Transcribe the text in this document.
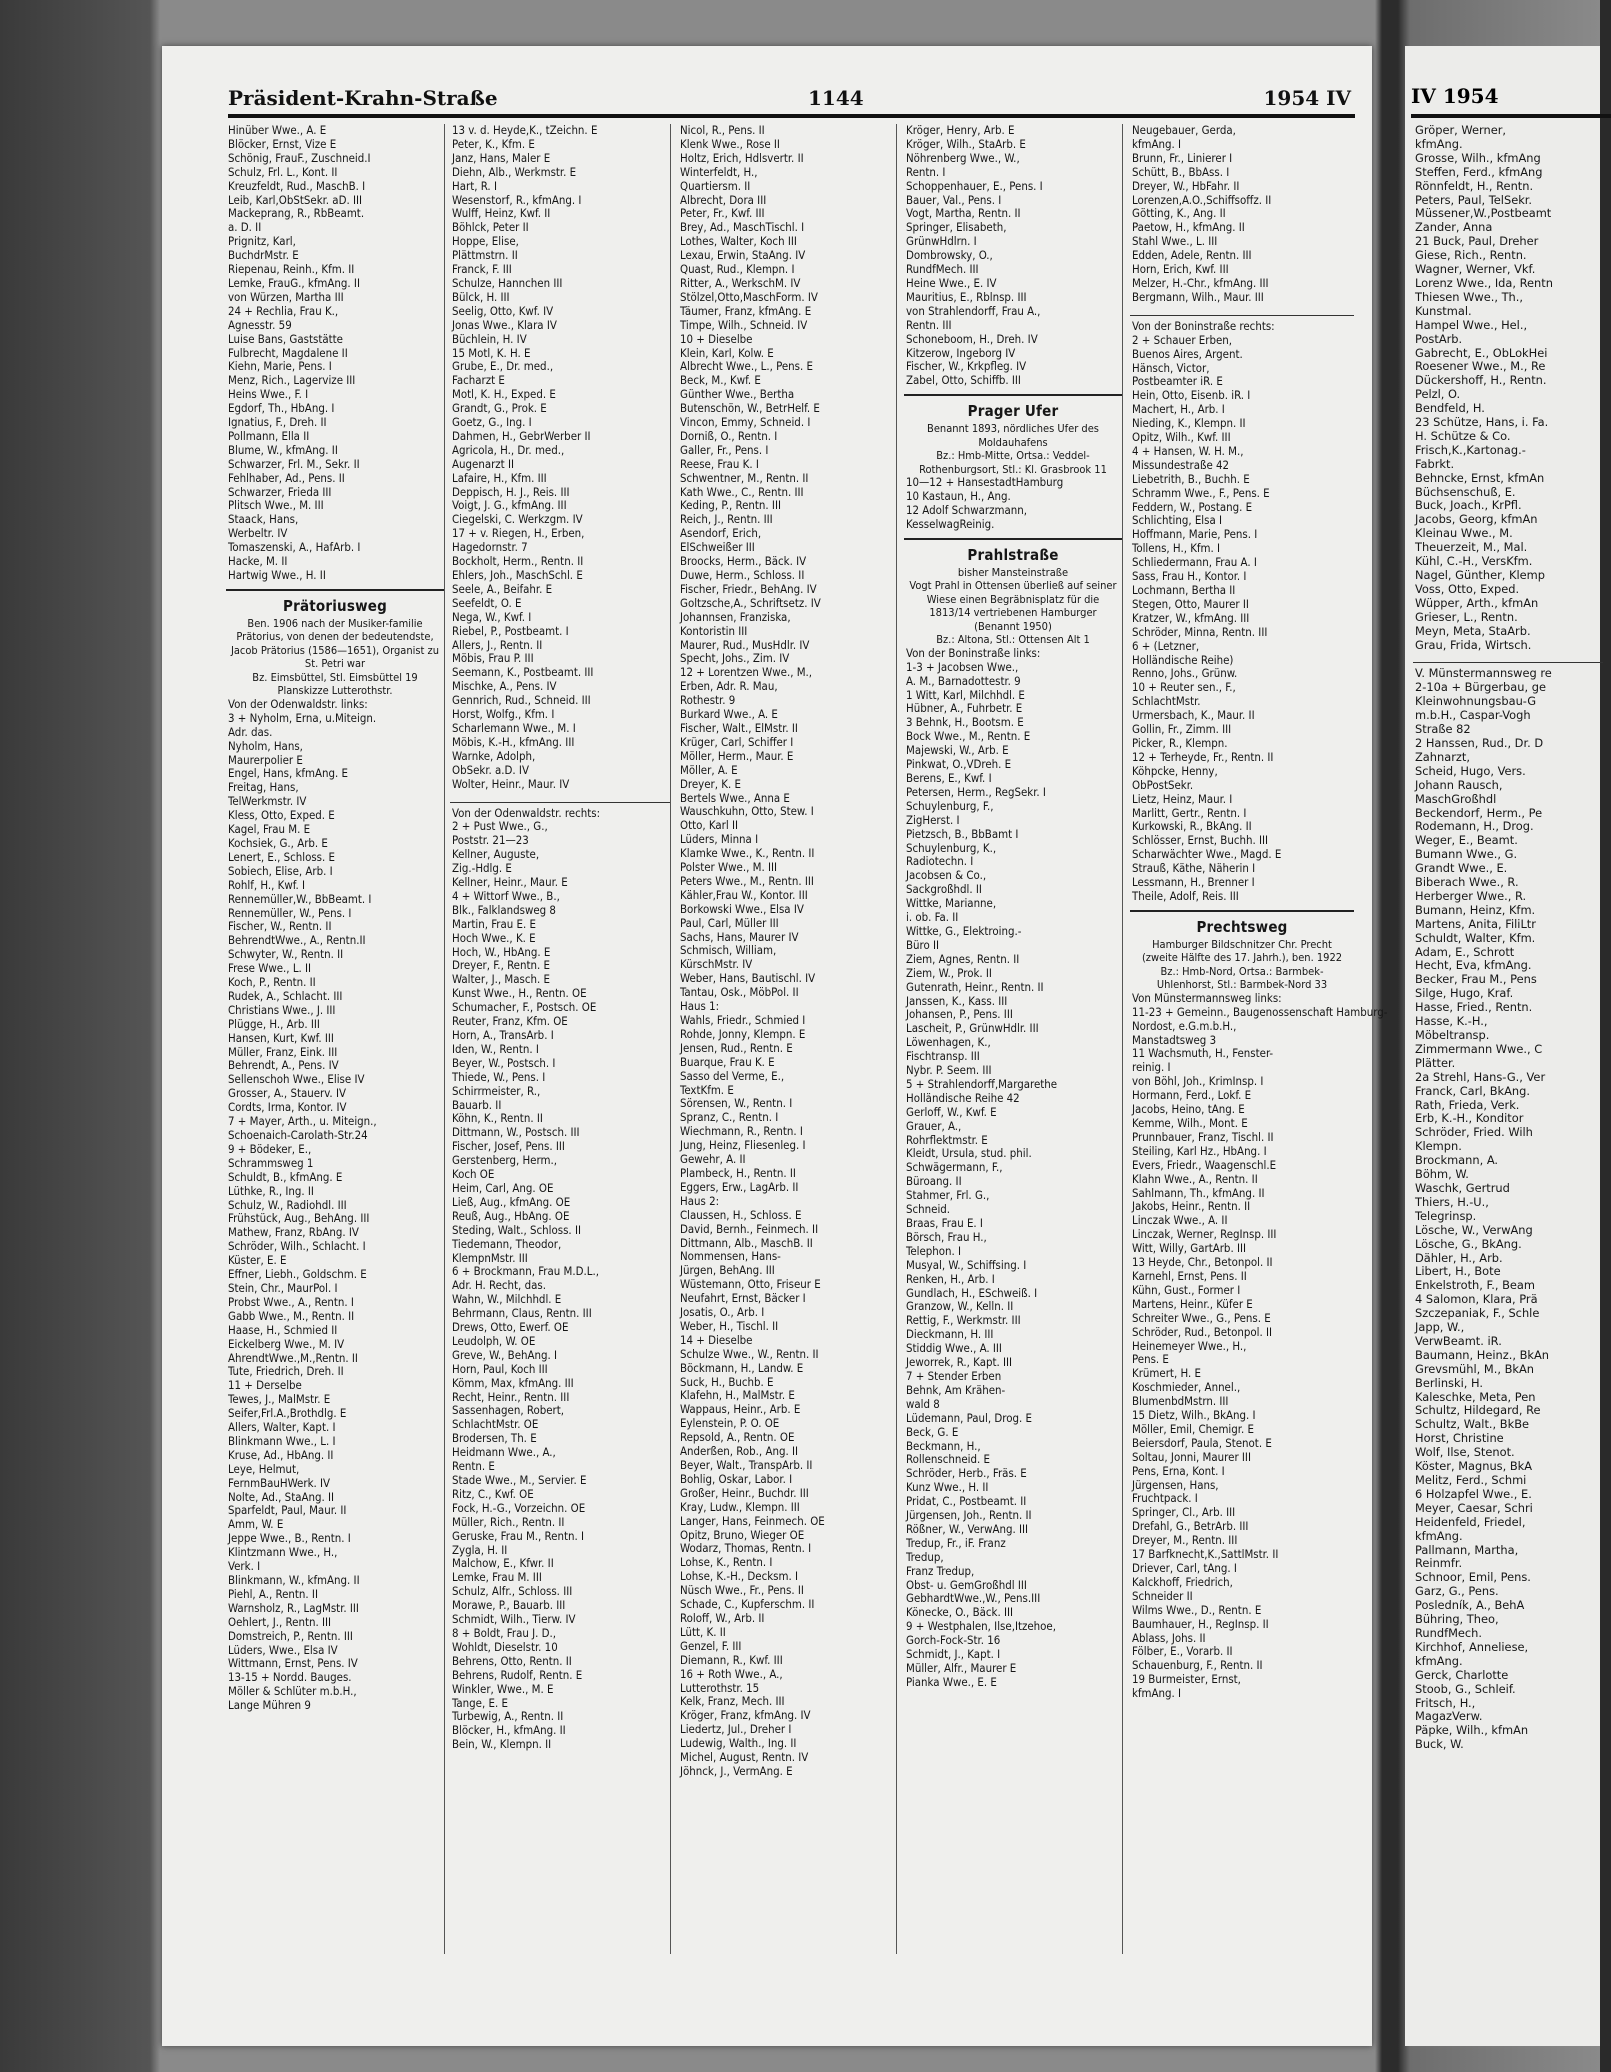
Präsident-Krahn-Straße	1144	1954 IV
Hinüber Wwe., A. E
Blöcker, Ernst, Vize E
Schönig, FrauF., Zuschneid.I
Schulz, Frl. L., Kont. II
Kreuzfeldt, Rud., MaschB. I
Leib, Karl,ObStSekr. aD. III
Mackeprang, R., RbBeamt.
a. D. II
Prignitz, Karl,
BuchdrMstr. E
Riepenau, Reinh., Kfm. II
Lemke, FrauG., kfmAng. II
von Würzen, Martha III
24 + Rechlia, Frau K.,
Agnesstr. 59
Luise Bans, Gaststätte
Fulbrecht, Magdalene II
Kiehn, Marie, Pens. I
Menz, Rich., Lagervize III
Heins Wwe., F. I
Egdorf, Th., HbAng. I
Ignatius, F., Dreh. II
Pollmann, Ella II
Blume, W., kfmAng. II
Schwarzer, Frl. M., Sekr. II
Fehlhaber, Ad., Pens. II
Schwarzer, Frieda III
Plitsch Wwe., M. III
Staack, Hans,
Werbeltr. IV
Tomaszenski, A., HafArb. I
Hacke, M. II
Hartwig Wwe., H. II
Prätoriusweg
Ben. 1906 nach der Musiker-familie Prätorius, von denen der bedeutendste, Jacob Prätorius (1586—1651), Organist zu St. Petri war
Bz. Eimsbüttel, Stl. Eimsbüttel 19
Planskizze Lutterothstr.
Von der Odenwaldstr. links:
3 + Nyholm, Erna, u.Miteign.
Adr. das.
Nyholm, Hans,
Maurerpolier E
Engel, Hans, kfmAng. E
Freitag, Hans,
TelWerkmstr. IV
Kless, Otto, Exped. E
Kagel, Frau M. E
Kochsiek, G., Arb. E
Lenert, E., Schloss. E
Sobiech, Elise, Arb. I
Rohlf, H., Kwf. I
Rennemüller,W., BbBeamt. I
Rennemüller, W., Pens. I
Fischer, W., Rentn. II
BehrendtWwe., A., Rentn.II
Schwyter, W., Rentn. II
Frese Wwe., L. II
Koch, P., Rentn. II
Rudek, A., Schlacht. III
Christians Wwe., J. III
Plügge, H., Arb. III
Hansen, Kurt, Kwf. III
Müller, Franz, Eink. III
Behrendt, A., Pens. IV
Sellenschoh Wwe., Elise IV
Grosser, A., Stauerv. IV
Cordts, Irma, Kontor. IV
7 + Mayer, Arth., u. Miteign.,
Schoenaich-Carolath-Str.24
9 + Bödeker, E.,
Schrammsweg 1
Schuldt, B., kfmAng. E
Lüthke, R., Ing. II
Schulz, W., Radiohdl. III
Frühstück, Aug., BehAng. III
Mathew, Franz, RbAng. IV
Schröder, Wilh., Schlacht. I
Küster, E. E
Effner, Liebh., Goldschm. E
Stein, Chr., MaurPol. I
Probst Wwe., A., Rentn. I
Gabb Wwe., M., Rentn. II
Haase, H., Schmied II
Eickelberg Wwe., M. IV
AhrendtWwe.,M.,Rentn. II
Tute, Friedrich, Dreh. II
11 + Derselbe
Tewes, J., MalMstr. E
Seifer,Frl.A.,Brothdlg. E
Allers, Walter, Kapt. I
Blinkmann Wwe., L. I
Kruse, Ad., HbAng. II
Leye, Helmut,
FernmBauHWerk. IV
Nolte, Ad., StaAng. II
Sparfeldt, Paul, Maur. II
Amm, W. E
Jeppe Wwe., B., Rentn. I
Klintzmann Wwe., H.,
Verk. I
Blinkmann, W., kfmAng. II
Piehl, A., Rentn. II
Warnsholz, R., LagMstr. III
Oehlert, J., Rentn. III
Domstreich, P., Rentn. III
Lüders, Wwe., Elsa IV
Wittmann, Ernst, Pens. IV
13-15 + Nordd. Bauges.
Möller & Schlüter m.b.H.,
Lange Mühren 9
13 v. d. Heyde,K., tZeichn. E
Peter, K., Kfm. E
Janz, Hans, Maler E
Diehn, Alb., Werkmstr. E
Hart, R. I
Wesenstorf, R., kfmAng. I
Wulff, Heinz, Kwf. II
Böhlck, Peter II
Hoppe, Elise,
Plättmstrn. II
Franck, F. III
Schulze, Hannchen III
Bülck, H. III
Seelig, Otto, Kwf. IV
Jonas Wwe., Klara IV
Büchlein, H. IV
15 Motl, K. H. E
Grube, E., Dr. med.,
Facharzt E
Motl, K. H., Exped. E
Grandt, G., Prok. E
Goetz, G., Ing. I
Dahmen, H., GebrWerber II
Agricola, H., Dr. med.,
Augenarzt II
Lafaire, H., Kfm. III
Deppisch, H. J., Reis. III
Voigt, J. G., kfmAng. III
Ciegelski, C. Werkzgm. IV
17 + v. Riegen, H., Erben,
Hagedornstr. 7
Bockholt, Herm., Rentn. II
Ehlers, Joh., MaschSchl. E
Seele, A., Beifahr. E
Seefeldt, O. E
Nega, W., Kwf. I
Riebel, P., Postbeamt. I
Allers, J., Rentn. II
Möbis, Frau P. III
Seemann, K., Postbeamt. III
Mischke, A., Pens. IV
Gennrich, Rud., Schneid. III
Horst, Wolfg., Kfm. I
Scharlemann Wwe., M. I
Möbis, K.-H., kfmAng. III
Warnke, Adolph,
ObSekr. a.D. IV
Wolter, Heinr., Maur. IV
Von der Odenwaldstr. rechts:
2 + Pust Wwe., G.,
Poststr. 21—23
Kellner, Auguste,
Zig.-Hdlg. E
Kellner, Heinr., Maur. E
4 + Wittorf Wwe., B.,
Blk., Falklandsweg 8
Martin, Frau E. E
Hoch Wwe., K. E
Hoch, W., HbAng. E
Dreyer, F., Rentn. E
Walter, J., Masch. E
Kunst Wwe., H., Rentn. OE
Schumacher, F., Postsch. OE
Reuter, Franz, Kfm. OE
Horn, A., TransArb. I
Iden, W., Rentn. I
Beyer, W., Postsch. I
Thiede, W., Pens. I
Schirrmeister, R.,
Bauarb. II
Köhn, K., Rentn. II
Dittmann, W., Postsch. III
Fischer, Josef, Pens. III
Gerstenberg, Herm.,
Koch OE
Heim, Carl, Ang. OE
Ließ, Aug., kfmAng. OE
Reuß, Aug., HbAng. OE
Steding, Walt., Schloss. II
Tiedemann, Theodor,
KlempnMstr. III
6 + Brockmann, Frau M.D.L.,
Adr. H. Recht, das.
Wahn, W., Milchhdl. E
Behrmann, Claus, Rentn. III
Drews, Otto, Ewerf. OE
Leudolph, W. OE
Greve, W., BehAng. I
Horn, Paul, Koch III
Kömm, Max, kfmAng. III
Recht, Heinr., Rentn. III
Sassenhagen, Robert,
SchlachtMstr. OE
Brodersen, Th. E
Heidmann Wwe., A.,
Rentn. E
Stade Wwe., M., Servier. E
Ritz, C., Kwf. OE
Fock, H.-G., Vorzeichn. OE
Müller, Rich., Rentn. II
Geruske, Frau M., Rentn. I
Zygla, H. II
Malchow, E., Kfwr. II
Lemke, Frau M. III
Schulz, Alfr., Schloss. III
Morawe, P., Bauarb. III
Schmidt, Wilh., Tierw. IV
8 + Boldt, Frau J. D.,
Wohldt, Dieselstr. 10
Behrens, Otto, Rentn. II
Behrens, Rudolf, Rentn. E
Winkler, Wwe., M. E
Tange, E. E
Turbewig, A., Rentn. II
Blöcker, H., kfmAng. II
Bein, W., Klempn. II
Nicol, R., Pens. II
Klenk Wwe., Rose II
Holtz, Erich, Hdlsvertr. II
Winterfeldt, H.,
Quartiersm. II
Albrecht, Dora III
Peter, Fr., Kwf. III
Brey, Ad., MaschTischl. I
Lothes, Walter, Koch III
Lexau, Erwin, StaAng. IV
Quast, Rud., Klempn. I
Ritter, A., WerkschM. IV
Stölzel,Otto,MaschForm. IV
Täumer, Franz, kfmAng. E
Timpe, Wilh., Schneid. IV
10 + Dieselbe
Klein, Karl, Kolw. E
Albrecht Wwe., L., Pens. E
Beck, M., Kwf. E
Günther Wwe., Bertha
Butenschön, W., BetrHelf. E
Vincon, Emmy, Schneid. I
Dorniß, O., Rentn. I
Galler, Fr., Pens. I
Reese, Frau K. I
Schwentner, M., Rentn. II
Kath Wwe., C., Rentn. III
Keding, P., Rentn. III
Reich, J., Rentn. III
Asendorf, Erich,
ElSchweißer III
Broocks, Herm., Bäck. IV
Duwe, Herm., Schloss. II
Fischer, Friedr., BehAng. IV
Goltzsche,A., Schriftsetz. IV
Johannsen, Franziska,
Kontoristin III
Maurer, Rud., MusHdlr. IV
Specht, Johs., Zim. IV
12 + Lorentzen Wwe., M.,
Erben, Adr. R. Mau,
Rothestr. 9
Burkard Wwe., A. E
Fischer, Walt., ElMstr. II
Krüger, Carl, Schiffer I
Möller, Herm., Maur. E
Möller, A. E
Dreyer, K. E
Bertels Wwe., Anna E
Wauschkuhn, Otto, Stew. I
Otto, Karl II
Lüders, Minna I
Klamke Wwe., K., Rentn. II
Polster Wwe., M. III
Peters Wwe., M., Rentn. III
Kähler,Frau W., Kontor. III
Borkowski Wwe., Elsa IV
Paul, Carl, Müller III
Sachs, Hans, Maurer IV
Schmisch, William,
KürschMstr. IV
Weber, Hans, Bautischl. IV
Tantau, Osk., MöbPol. II
Haus 1:
Wahls, Friedr., Schmied I
Rohde, Jonny, Klempn. E
Jensen, Rud., Rentn. E
Buarque, Frau K. E
Sasso del Verme, E.,
TextKfm. E
Sörensen, W., Rentn. I
Spranz, C., Rentn. I
Wiechmann, R., Rentn. I
Jung, Heinz, Fliesenleg. I
Gewehr, A. II
Plambeck, H., Rentn. II
Eggers, Erw., LagArb. II
Haus 2:
Claussen, H., Schloss. E
David, Bernh., Feinmech. II
Dittmann, Alb., MaschB. II
Nommensen, Hans-
Jürgen, BehAng. III
Wüstemann, Otto, Friseur E
Neufahrt, Ernst, Bäcker I
Josatis, O., Arb. I
Weber, H., Tischl. II
14 + Dieselbe
Schulze Wwe., W., Rentn. II
Böckmann, H., Landw. E
Suck, H., Buchb. E
Klafehn, H., MalMstr. E
Wappaus, Heinr., Arb. E
Eylenstein, P. O. OE
Repsold, A., Rentn. OE
Anderßen, Rob., Ang. II
Beyer, Walt., TranspArb. II
Bohlig, Oskar, Labor. I
Großer, Heinr., Buchdr. III
Kray, Ludw., Klempn. III
Langer, Hans, Feinmech. OE
Opitz, Bruno, Wieger OE
Wodarz, Thomas, Rentn. I
Lohse, K., Rentn. I
Lohse, K.-H., Decksm. I
Nüsch Wwe., Fr., Pens. II
Schade, C., Kupferschm. II
Roloff, W., Arb. II
Lütt, K. II
Genzel, F. III
Diemann, R., Kwf. III
16 + Roth Wwe., A.,
Lutterothstr. 15
Kelk, Franz, Mech. III
Kröger, Franz, kfmAng. IV
Liedertz, Jul., Dreher I
Ludewig, Walth., Ing. II
Michel, August, Rentn. IV
Jöhnck, J., VermAng. E
Kröger, Henry, Arb. E
Kröger, Wilh., StaArb. E
Nöhrenberg Wwe., W.,
Rentn. I
Schoppenhauer, E., Pens. I
Bauer, Val., Pens. I
Vogt, Martha, Rentn. II
Springer, Elisabeth,
GrünwHdlrn. I
Dombrowsky, O.,
RundfMech. III
Heine Wwe., E. IV
Mauritius, E., Rblnsp. III
von Strahlendorff, Frau A.,
Rentn. III
Schoneboom, H., Dreh. IV
Kitzerow, Ingeborg IV
Fischer, W., Krkpfleg. IV
Zabel, Otto, Schiffb. III
Prager Ufer
Benannt 1893, nördliches Ufer des Moldauhafens
Bz.: Hmb-Mitte, Ortsa.: Veddel-Rothenburgsort, Stl.: Kl. Grasbrook 11
10—12 + HansestadtHamburg
10 Kastaun, H., Ang.
12 Adolf Schwarzmann,
KesselwagReinig.
Prahlstraße
bisher Mansteinstraße
Vogt Prahl in Ottensen überließ auf seiner Wiese einen Begräbnisplatz für die 1813/14 vertriebenen Hamburger
(Benannt 1950)
Bz.: Altona, Stl.: Ottensen Alt 1
Von der Boninstraße links:
1-3 + Jacobsen Wwe.,
A. M., Barnadottestr. 9
1 Witt, Karl, Milchhdl. E
Hübner, A., Fuhrbetr. E
3 Behnk, H., Bootsm. E
Bock Wwe., M., Rentn. E
Majewski, W., Arb. E
Pinkwat, O.,VDreh. E
Berens, E., Kwf. I
Petersen, Herm., RegSekr. I
Schuylenburg, F.,
ZigHerst. I
Pietzsch, B., BbBamt I
Schuylenburg, K.,
Radiotechn. I
Jacobsen & Co.,
Sackgroßhdl. II
Wittke, Marianne,
i. ob. Fa. II
Wittke, G., Elektroing.-
Büro II
Ziem, Agnes, Rentn. II
Ziem, W., Prok. II
Gutenrath, Heinr., Rentn. II
Janssen, K., Kass. III
Johansen, P., Pens. III
Lascheit, P., GrünwHdlr. III
Löwenhagen, K.,
Fischtransp. III
Nybr. P. Seem. III
5 + Strahlendorff,Margarethe
Holländische Reihe 42
Gerloff, W., Kwf. E
Grauer, A.,
Rohrflektmstr. E
Kleidt, Ursula, stud. phil.
Schwägermann, F.,
Büroang. II
Stahmer, Frl. G.,
Schneid.
Braas, Frau E. I
Börsch, Frau H.,
Telephon. I
Musyal, W., Schiffsing. I
Renken, H., Arb. I
Gundlach, H., ESchweiß. I
Granzow, W., Kelln. II
Rettig, F., Werkmstr. III
Dieckmann, H. III
Stiddig Wwe., A. III
Jeworrek, R., Kapt. III
7 + Stender Erben
Behnk, Am Krähen-
wald 8
Lüdemann, Paul, Drog. E
Beck, G. E
Beckmann, H.,
Rollenschneid. E
Schröder, Herb., Fräs. E
Kunz Wwe., H. II
Pridat, C., Postbeamt. II
Jürgensen, Joh., Rentn. II
Rößner, W., VerwAng. III
Tredup, Fr., iF. Franz
Tredup,
Franz Tredup,
Obst- u. GemGroßhdl III
GebhardtWwe.,W., Pens.III
Könecke, O., Bäck. III
9 + Westphalen, Ilse,Itzehoe,
Gorch-Fock-Str. 16
Schmidt, J., Kapt. I
Müller, Alfr., Maurer E
Pianka Wwe., E. E
Neugebauer, Gerda,
kfmAng. I
Brunn, Fr., Linierer I
Schütt, B., BbAss. I
Dreyer, W., HbFahr. II
Lorenzen,A.O.,Schiffsoffz. II
Götting, K., Ang. II
Paetow, H., kfmAng. II
Stahl Wwe., L. III
Edden, Adele, Rentn. III
Horn, Erich, Kwf. III
Melzer, H.-Chr., kfmAng. III
Bergmann, Wilh., Maur. III
Von der Boninstraße rechts:
2 + Schauer Erben,
Buenos Aires, Argent.
Hänsch, Victor,
Postbeamter iR. E
Hein, Otto, Eisenb. iR. I
Machert, H., Arb. I
Nieding, K., Klempn. II
Opitz, Wilh., Kwf. III
4 + Hansen, W. H. M.,
Missundestraße 42
Liebetrith, B., Buchh. E
Schramm Wwe., F., Pens. E
Feddern, W., Postang. E
Schlichting, Elsa I
Hoffmann, Marie, Pens. I
Tollens, H., Kfm. I
Schliedermann, Frau A. I
Sass, Frau H., Kontor. I
Lochmann, Bertha II
Stegen, Otto, Maurer II
Kratzer, W., kfmAng. III
Schröder, Minna, Rentn. III
6 + (Letzner,
Holländische Reihe)
Renno, Johs., Grünw.
10 + Reuter sen., F.,
SchlachtMstr.
Urmersbach, K., Maur. II
Gollin, Fr., Zimm. III
Picker, R., Klempn.
12 + Terheyde, Fr., Rentn. II
Köhpcke, Henny,
ObPostSekr.
Lietz, Heinz, Maur. I
Marlitt, Gertr., Rentn. I
Kurkowski, R., BkAng. II
Schlösser, Ernst, Buchh. III
Scharwächter Wwe., Magd. E
Strauß, Käthe, Näherin I
Lessmann, H., Brenner I
Theile, Adolf, Reis. III
Prechtsweg
Hamburger Bildschnitzer Chr. Precht (zweite Hälfte des 17. Jahrh.), ben. 1922
Bz.: Hmb-Nord, Ortsa.: Barmbek-Uhlenhorst, Stl.: Barmbek-Nord 33
Von Münstermannsweg links:
11-23 + Gemeinn., Baugenossenschaft Hamburg-
Nordost, e.G.m.b.H.,
Manstadtsweg 3
11 Wachsmuth, H., Fenster-
reinig. I
von Böhl, Joh., KrimInsp. I
Hormann, Ferd., Lokf. E
Jacobs, Heino, tAng. E
Kemme, Wilh., Mont. E
Prunnbauer, Franz, Tischl. II
Steiling, Karl Hz., HbAng. I
Evers, Friedr., Waagenschl.E
Klahn Wwe., A., Rentn. II
Sahlmann, Th., kfmAng. II
Jakobs, Heinr., Rentn. II
Linczak Wwe., A. II
Linczak, Werner, RegInsp. III
Witt, Willy, GartArb. III
13 Heyde, Chr., Betonpol. II
Karnehl, Ernst, Pens. II
Kühn, Gust., Former I
Martens, Heinr., Küfer E
Schreiter Wwe., G., Pens. E
Schröder, Rud., Betonpol. II
Heinemeyer Wwe., H.,
Pens. E
Krümert, H. E
Koschmieder, Annel.,
BlumenbdMstrn. III
15 Dietz, Wilh., BkAng. I
Möller, Emil, Chemigr. E
Beiersdorf, Paula, Stenot. E
Soltau, Jonni, Maurer III
Pens, Erna, Kont. I
Jürgensen, Hans,
Fruchtpack. I
Springer, Cl., Arb. III
Drefahl, G., BetrArb. III
Dreyer, M., Rentn. III
17 Barfknecht,K.,SattlMstr. II
Driever, Carl, tAng. I
Kalckhoff, Friedrich,
Schneider II
Wilms Wwe., D., Rentn. E
Baumhauer, H., RegInsp. II
Ablass, Johs. II
Fölber, E., Vorarb. II
Schauenburg, F., Rentn. II
19 Burmeister, Ernst,
kfmAng. I
IV 1954
Gröper, Werner,
kfmAng.
Grosse, Wilh., kfmAng
Steffen, Ferd., kfmAng
Rönnfeldt, H., Rentn.
Peters, Paul, TelSekr.
Müssener,W.,Postbeamt
Zander, Anna
21 Buck, Paul, Dreher
Giese, Rich., Rentn.
Wagner, Werner, Vkf.
Lorenz Wwe., Ida, Rentn
Thiesen Wwe., Th.,
Kunstmal.
Hampel Wwe., Hel.,
PostArb.
Gabrecht, E., ObLokHei
Roesener Wwe., M., Re
Dückershoff, H., Rentn.
Pelzl, O.
Bendfeld, H.
23 Schütze, Hans, i. Fa.
H. Schütze & Co.
Frisch,K.,Kartonag.-
Fabrkt.
Behncke, Ernst, kfmAn
Büchsenschuß, E.
Buck, Joach., KrPfl.
Jacobs, Georg, kfmAn
Kleinau Wwe., M.
Theuerzeit, M., Mal.
Kühl, C.-H., VersKfm.
Nagel, Günther, Klemp
Voss, Otto, Exped.
Wüpper, Arth., kfmAn
Grieser, L., Rentn.
Meyn, Meta, StaArb.
Grau, Frida, Wirtsch.
V. Münstermannsweg re
2-10a + Bürgerbau, ge
Kleinwohnungsbau-G
m.b.H., Caspar-Vogh
Straße 82
2 Hanssen, Rud., Dr. D
Zahnarzt,
Scheid, Hugo, Vers.
Johann Rausch,
MaschGroßhdl
Beckendorf, Herm., Pe
Rodemann, H., Drog.
Weger, E., Beamt.
Bumann Wwe., G.
Grandt Wwe., E.
Biberach Wwe., R.
Herberger Wwe., R.
Bumann, Heinz, Kfm.
Martens, Anita, FiliLtr
Schuldt, Walter, Kfm.
Adam, E., Schrott
Hecht, Eva, kfmAng.
Becker, Frau M., Pens
Silge, Hugo, Kraf.
Hasse, Fried., Rentn.
Hasse, K.-H.,
Möbeltransp.
Zimmermann Wwe., C
Plätter.
2a Strehl, Hans-G., Ver
Franck, Carl, BkAng.
Rath, Frieda, Verk.
Erb, K.-H., Konditor
Schröder, Fried. Wilh
Klempn.
Brockmann, A.
Böhm, W.
Waschk, Gertrud
Thiers, H.-U.,
Telegrinsp.
Lösche, W., VerwAng
Lösche, G., BkAng.
Dähler, H., Arb.
Libert, H., Bote
Enkelstroth, F., Beam
4 Salomon, Klara, Prä
Szczepaniak, F., Schle
Japp, W.,
VerwBeamt. iR.
Baumann, Heinz., BkAn
Grevsmühl, M., BkAn
Berlinski, H.
Kaleschke, Meta, Pen
Schultz, Hildegard, Re
Schultz, Walt., BkBe
Horst, Christine
Wolf, Ilse, Stenot.
Köster, Magnus, BkA
Melitz, Ferd., Schmi
6 Holzapfel Wwe., E.
Meyer, Caesar, Schri
Heidenfeld, Friedel,
kfmAng.
Pallmann, Martha,
Reinmfr.
Schnoor, Emil, Pens.
Garz, G., Pens.
Posledník, A., BehA
Bühring, Theo,
RundfMech.
Kirchhof, Anneliese,
kfmAng.
Gerck, Charlotte
Stoob, G., Schleif.
Fritsch, H.,
MagazVerw.
Päpke, Wilh., kfmAn
Buck, W.
